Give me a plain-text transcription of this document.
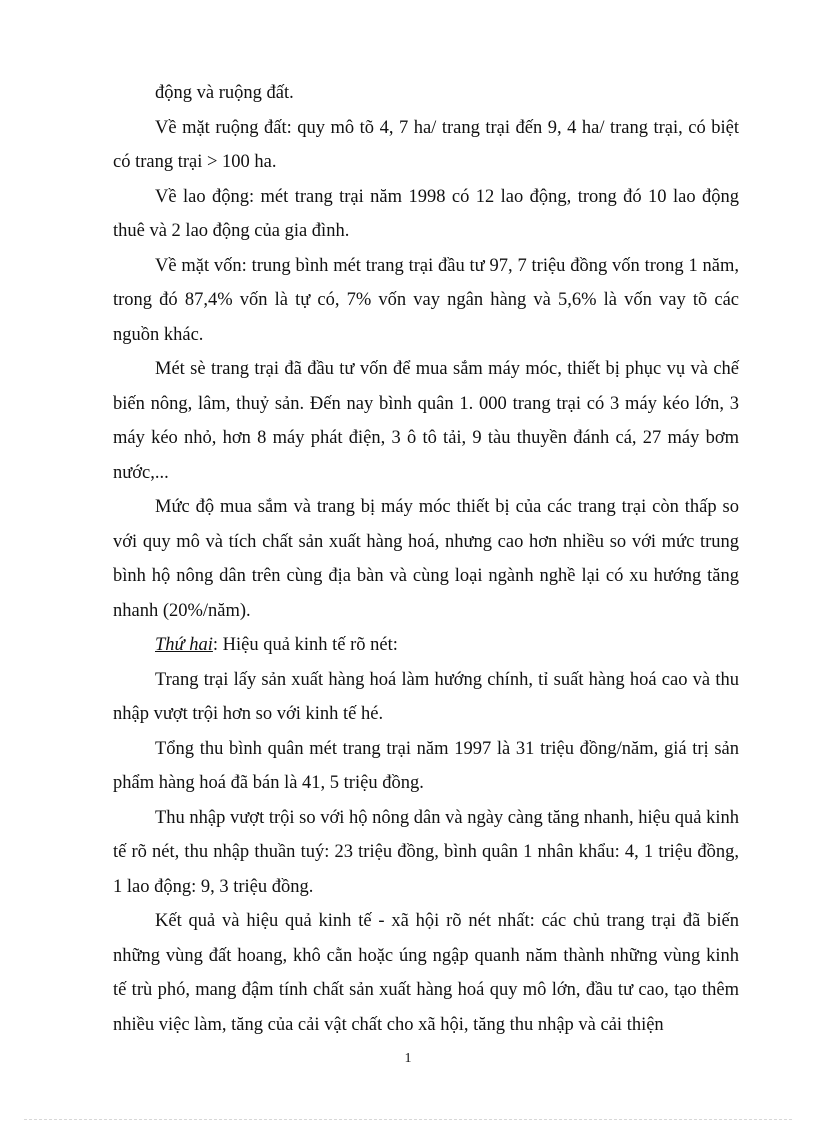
động và ruộng đất.

Về mặt ruộng đất: quy mô tõ 4, 7 ha/ trang trại đến 9, 4 ha/ trang trại, có biệt có trang trại > 100 ha.

Về lao động: mét trang trại năm 1998 có 12 lao động, trong đó 10 lao động thuê và 2 lao động của gia đình.

Về mặt vốn: trung bình mét trang trại đầu tư 97, 7 triệu đồng vốn trong 1 năm, trong đó 87,4% vốn là tự có, 7% vốn vay ngân hàng và 5,6% là vốn vay tõ các nguồn khác.

Mét sè trang trại đã đầu tư vốn để mua sắm máy móc, thiết bị phục vụ và chế biến nông, lâm, thuỷ sản. Đến nay bình quân 1. 000 trang trại có 3 máy kéo lớn, 3 máy kéo nhỏ, hơn 8 máy phát điện, 3 ô tô tải, 9 tàu thuyền đánh cá, 27 máy bơm nước,...

Mức độ mua sắm và trang bị máy móc thiết bị của các trang trại còn thấp so với quy mô và tích chất sản xuất hàng hoá, nhưng cao hơn nhiều so với mức trung bình hộ nông dân trên cùng địa bàn và cùng loại ngành nghề lại có xu hướng tăng nhanh (20%/năm).

Thứ hai: Hiệu quả kinh tế rõ nét:

Trang trại lấy sản xuất hàng hoá làm hướng chính, tỉ suất hàng hoá cao và thu nhập vượt trội hơn so với kinh tế hé.

Tổng thu bình quân mét trang trại năm 1997 là 31 triệu đồng/năm, giá trị sản phẩm hàng hoá đã bán là 41, 5 triệu đồng.

Thu nhập vượt trội so với hộ nông dân và ngày càng tăng nhanh, hiệu quả kinh tế rõ nét, thu nhập thuần tuý: 23 triệu đồng, bình quân 1 nhân khẩu: 4, 1 triệu đồng, 1 lao động: 9, 3 triệu đồng.

Kết quả và hiệu quả kinh tế - xã hội rõ nét nhất: các chủ trang trại đã biến những vùng đất hoang, khô cằn hoặc úng ngập quanh năm thành những vùng kinh tế trù phó, mang đậm tính chất sản xuất hàng hoá quy mô lớn, đầu tư cao, tạo thêm nhiều việc làm, tăng của cải vật chất cho xã hội, tăng thu nhập và cải thiện

1
